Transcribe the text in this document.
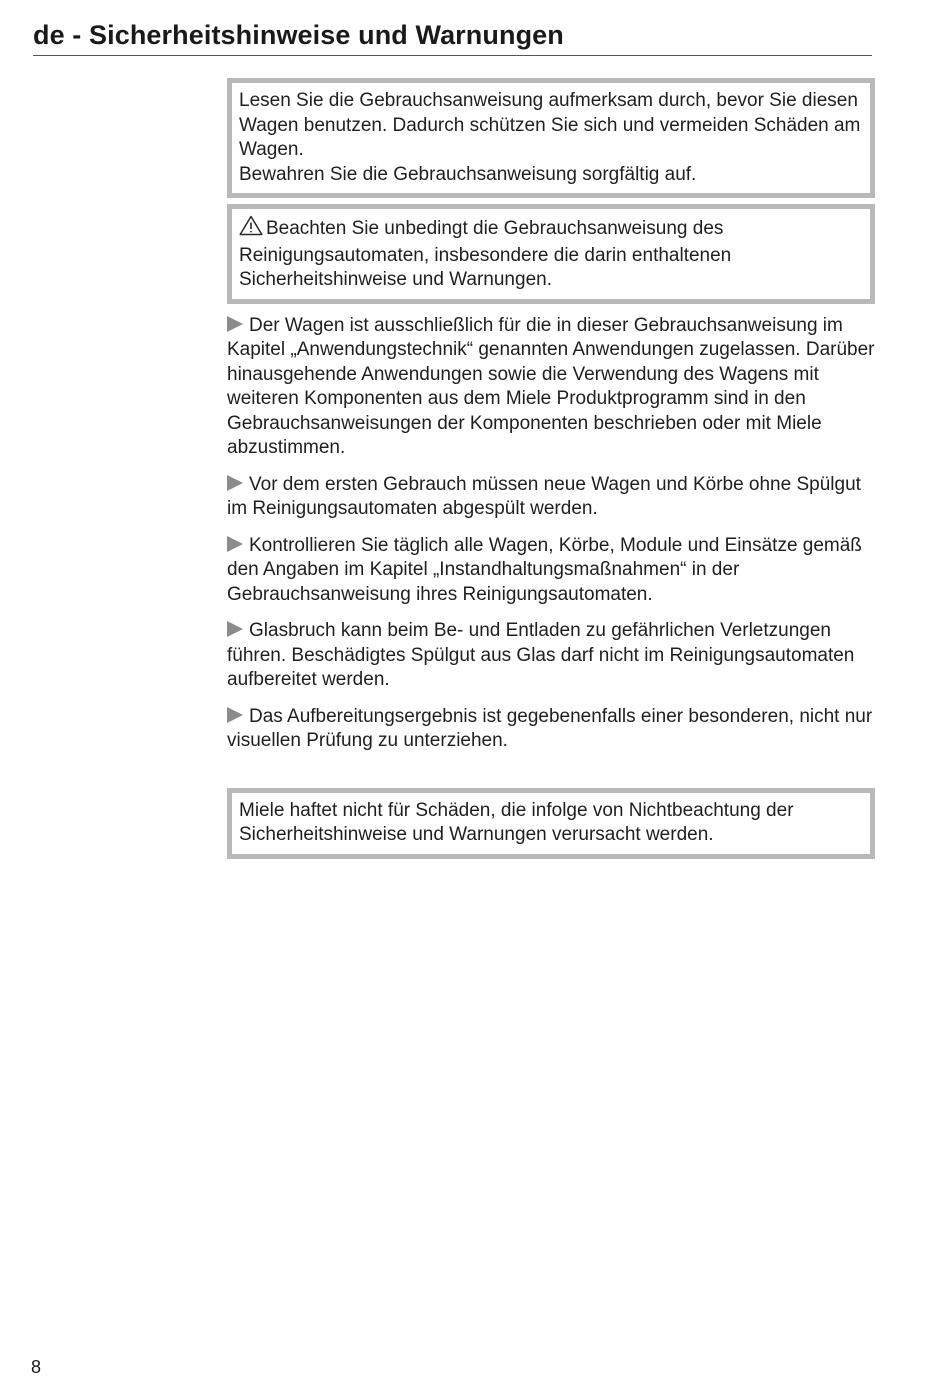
de - Sicherheitshinweise und Warnungen

Lesen Sie die Gebrauchsanweisung aufmerksam durch, bevor Sie diesen Wagen benutzen. Dadurch schützen Sie sich und vermeiden Schäden am Wagen.

Bewahren Sie die Gebrauchsanweisung sorgfältig auf.

Beachten Sie unbedingt die Gebrauchsanweisung des Reinigungsautomaten, insbesondere die darin enthaltenen Sicherheitshinweise und Warnungen.

Der Wagen ist ausschließlich für die in dieser Gebrauchsanweisung im Kapitel „Anwendungstechnik“ genannten Anwendungen zugelassen. Darüber hinausgehende Anwendungen sowie die Verwendung des Wagens mit weiteren Komponenten aus dem Miele Produktprogramm sind in den Gebrauchsanweisungen der Komponenten beschrieben oder mit Miele abzustimmen.

Vor dem ersten Gebrauch müssen neue Wagen und Körbe ohne Spülgut im Reinigungsautomaten abgespült werden.

Kontrollieren Sie täglich alle Wagen, Körbe, Module und Einsätze gemäß den Angaben im Kapitel „Instandhaltungsmaßnahmen“ in der Gebrauchsanweisung ihres Reinigungsautomaten.

Glasbruch kann beim Be- und Entladen zu gefährlichen Verletzungen führen. Beschädigtes Spülgut aus Glas darf nicht im Reinigungsautomaten aufbereitet werden.

Das Aufbereitungsergebnis ist gegebenenfalls einer besonderen, nicht nur visuellen Prüfung zu unterziehen.

Miele haftet nicht für Schäden, die infolge von Nichtbeachtung der Sicherheitshinweise und Warnungen verursacht werden.

8
